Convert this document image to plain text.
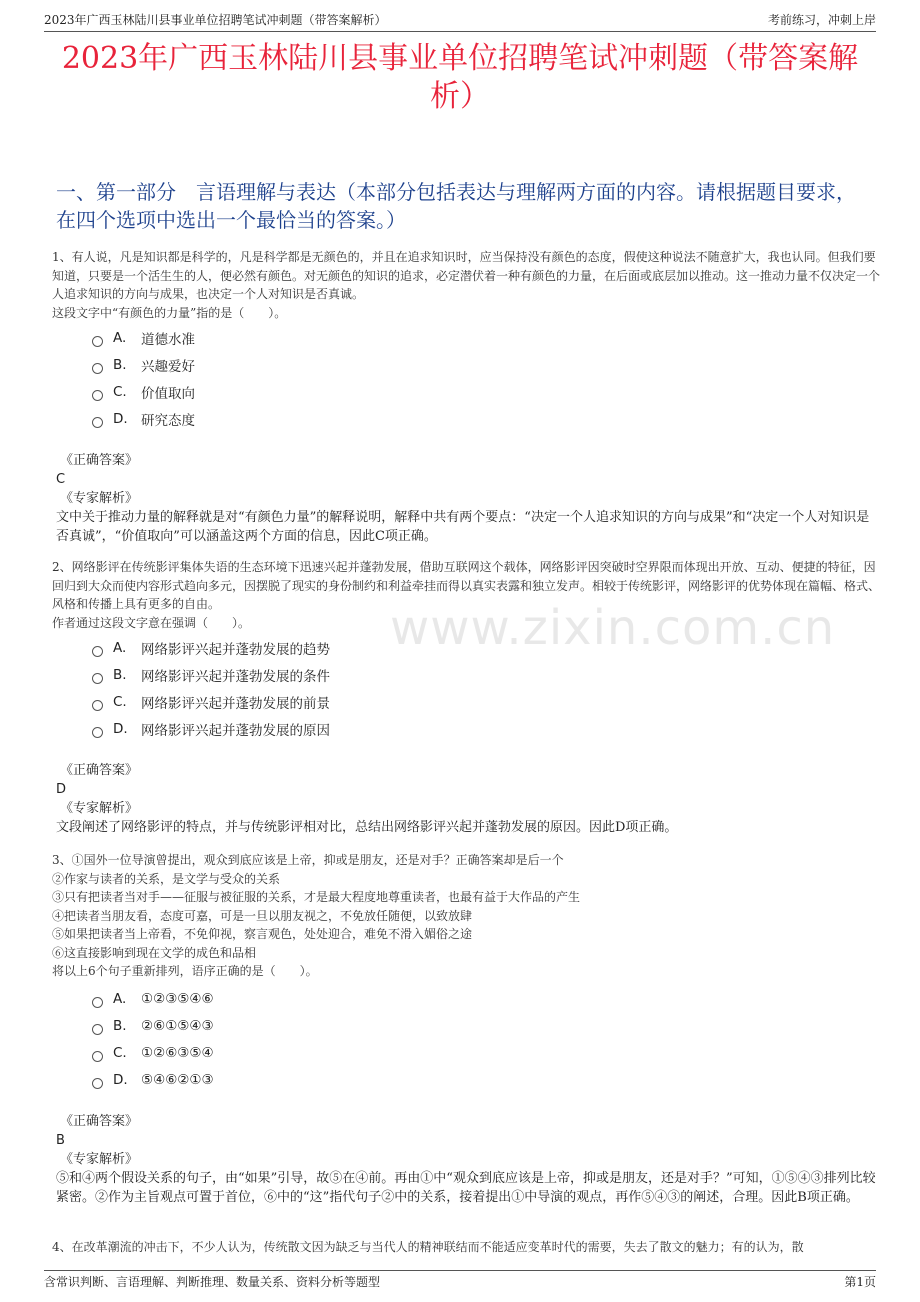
2023年广西玉林陆川县事业单位招聘笔试冲刺题（带答案解析）	考前练习，冲刺上岸
2023年广西玉林陆川县事业单位招聘笔试冲刺题（带答案解析）
一、第一部分　言语理解与表达（本部分包括表达与理解两方面的内容。请根据题目要求，在四个选项中选出一个最恰当的答案。）
www.zixin.com.cn

1、有人说，凡是知识都是科学的，凡是科学都是无颜色的，并且在追求知识时，应当保持没有颜色的态度，假使这种说法不随意扩大，我也认同。但我们要知道，只要是一个活生生的人，便必然有颜色。对无颜色的知识的追求，必定潜伏着一种有颜色的力量，在后面或底层加以推动。这一推动力量不仅决定一个人追求知识的方向与成果，也决定一个人对知识是否真诚。

这段文字中“有颜色的力量”指的是（　　）。

A.	道德水准
B.	兴趣爱好
C.	价值取向
D. 研究态度
《正确答案》
C
《专家解析》
文中关于推动力量的解释就是对“有颜色力量”的解释说明，解释中共有两个要点：“决定一个人追求知识的方向与成果”和“决定一个人对知识是否真诚”，“价值取向”可以涵盖这两个方面的信息，因此C项正确。

2、网络影评在传统影评集体失语的生态环境下迅速兴起并蓬勃发展，借助互联网这个载体，网络影评因突破时空界限而体现出开放、互动、便捷的特征，因回归到大众而使内容形式趋向多元，因摆脱了现实的身份制约和利益牵挂而得以真实表露和独立发声。相较于传统影评，网络影评的优势体现在篇幅、格式、风格和传播上具有更多的自由。

作者通过这段文字意在强调（　　）。

A.	网络影评兴起并蓬勃发展的趋势
B.	网络影评兴起并蓬勃发展的条件
C.	网络影评兴起并蓬勃发展的前景
D. 网络影评兴起并蓬勃发展的原因
《正确答案》
D
《专家解析》
文段阐述了网络影评的特点，并与传统影评相对比，总结出网络影评兴起并蓬勃发展的原因。因此D项正确。

3、①国外一位导演曾提出，观众到底应该是上帝，抑或是朋友，还是对手？正确答案却是后一个

②作家与读者的关系，是文学与受众的关系

③只有把读者当对手——征服与被征服的关系，才是最大程度地尊重读者，也最有益于大作品的产生

④把读者当朋友看，态度可嘉，可是一旦以朋友视之，不免放任随便，以致放肆

⑤如果把读者当上帝看，不免仰视，察言观色，处处迎合，难免不滑入媚俗之途

⑥这直接影响到现在文学的成色和品相

将以上6个句子重新排列，语序正确的是（　　）。

A.	①②③⑤④⑥
B.	②⑥①⑤④③
C.	①②⑥③⑤④
D. ⑤④⑥②①③
《正确答案》
B
《专家解析》
⑤和④两个假设关系的句子，由“如果”引导，故⑤在④前。再由①中“观众到底应该是上帝，抑或是朋友，还是对手？”可知，①⑤④③排列比较紧密。②作为主旨观点可置于首位，⑥中的“这”指代句子②中的关系，接着提出①中导演的观点，再作⑤④③的阐述，合理。因此B项正确。

4、在改革潮流的冲击下，不少人认为，传统散文因为缺乏与当代人的精神联结而不能适应变革时代的需要，失去了散文的魅力；有的认为，散

含常识判断、言语理解、判断推理、数量关系、资料分析等题型	第1页
